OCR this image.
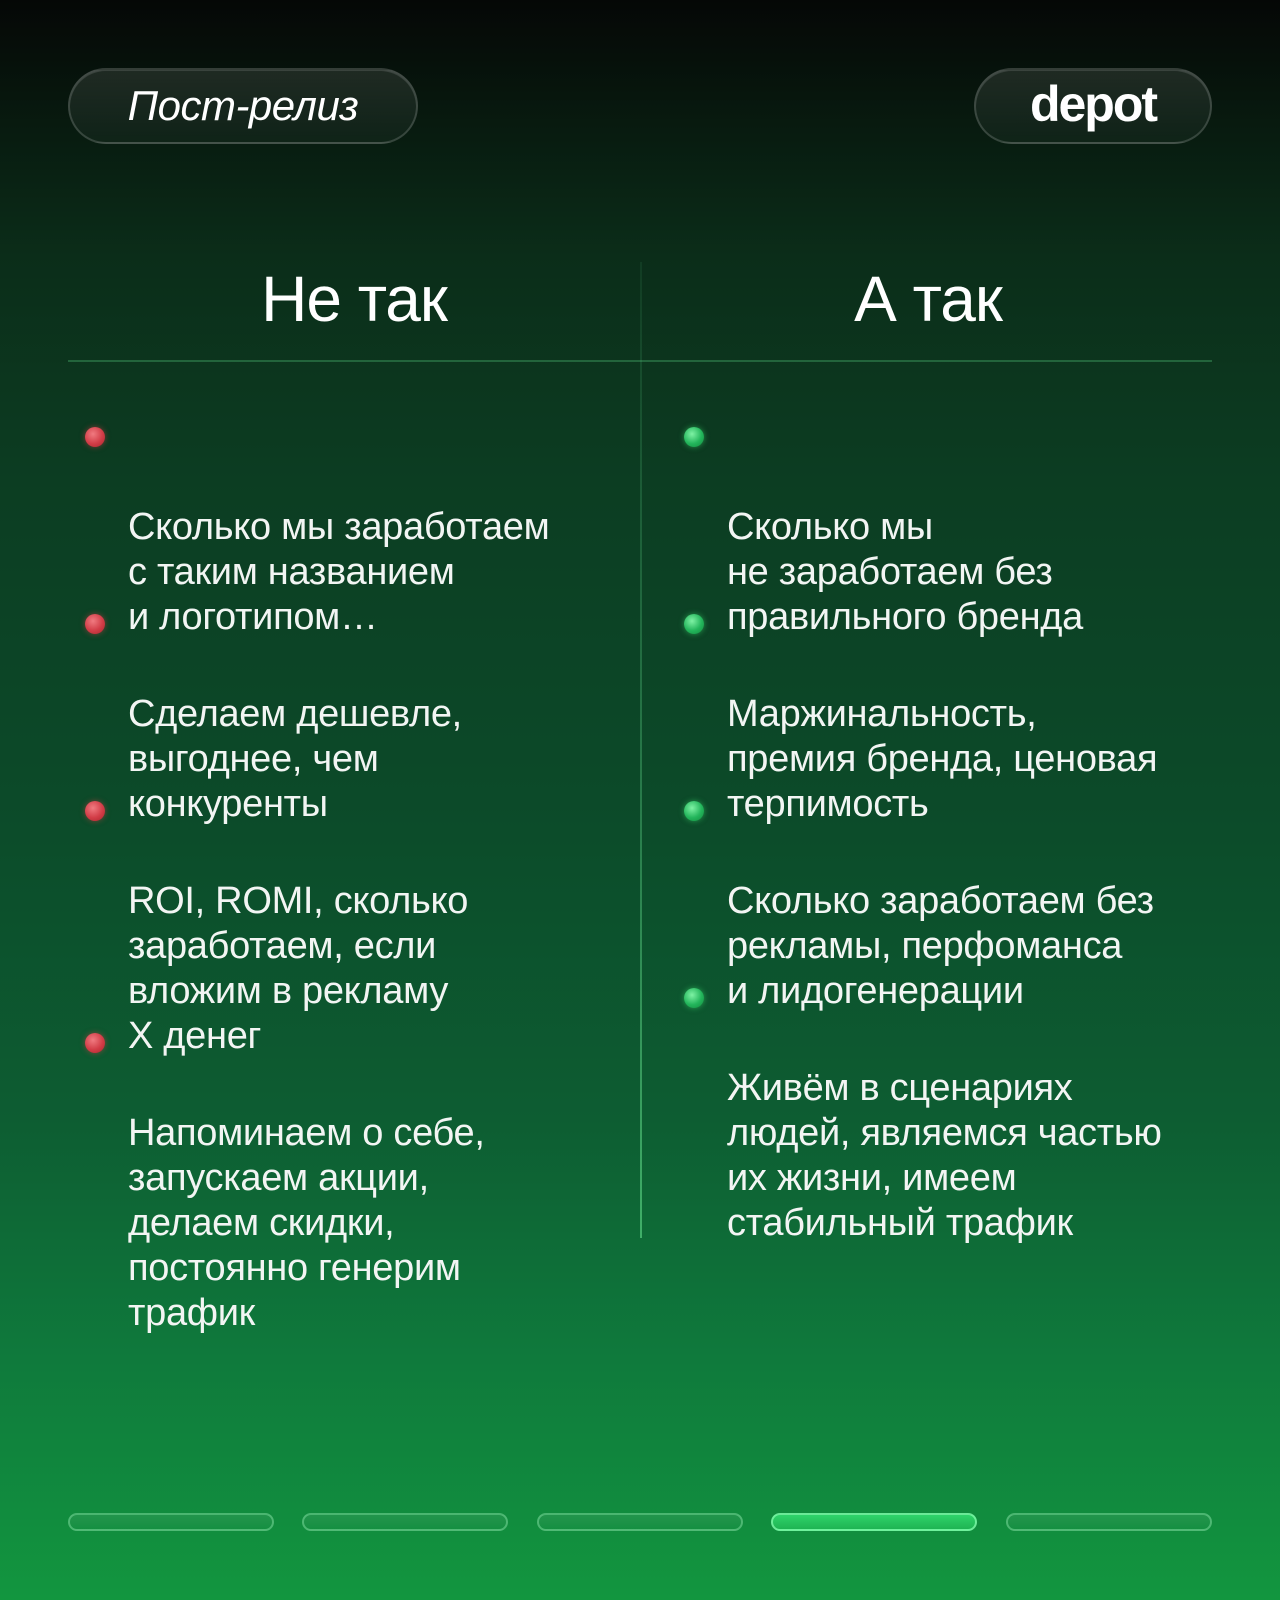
Пост-релиз	depot
Не так	А так

Сколько мы заработаем
с таким названием
и логотипом…

Сделаем дешевле,
выгоднее, чем
конкуренты

ROI, ROMI, сколько
заработаем, если
вложим в рекламу
Х денег

Напоминаем о себе,
запускаем акции,
делаем скидки,
постоянно генерим
трафик

Сколько мы
не заработаем без
правильного бренда

Маржинальность,
премия бренда, ценовая
терпимость

Сколько заработаем без
рекламы, перфоманса
и лидогенерации

Живём в сценариях
людей, являемся частью
их жизни, имеем
стабильный трафик
